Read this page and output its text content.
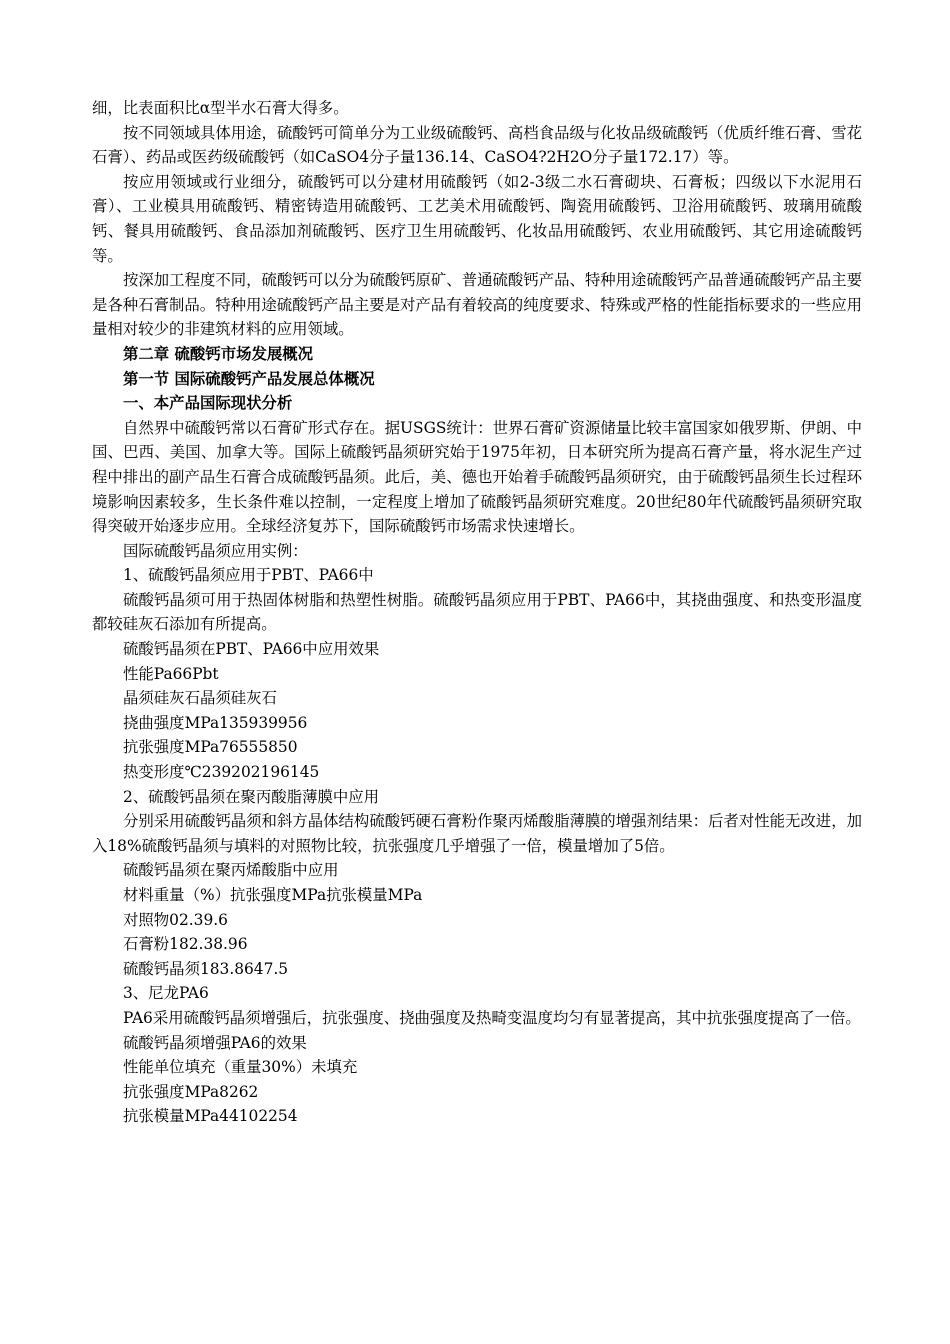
细，比表面积比α型半水石膏大得多。

按不同领域具体用途，硫酸钙可简单分为工业级硫酸钙、高档食品级与化妆品级硫酸钙（优质纤维石膏、雪花石膏）、药品或医药级硫酸钙（如CaSO4分子量136.14、CaSO4?2H2O分子量172.17）等。

按应用领域或行业细分，硫酸钙可以分建材用硫酸钙（如2-3级二水石膏砌块、石膏板；四级以下水泥用石膏）、工业模具用硫酸钙、精密铸造用硫酸钙、工艺美术用硫酸钙、陶瓷用硫酸钙、卫浴用硫酸钙、玻璃用硫酸钙、餐具用硫酸钙、食品添加剂硫酸钙、医疗卫生用硫酸钙、化妆品用硫酸钙、农业用硫酸钙、其它用途硫酸钙等。

按深加工程度不同，硫酸钙可以分为硫酸钙原矿、普通硫酸钙产品、特种用途硫酸钙产品普通硫酸钙产品主要是各种石膏制品。特种用途硫酸钙产品主要是对产品有着较高的纯度要求、特殊或严格的性能指标要求的一些应用量相对较少的非建筑材料的应用领域。

第二章 硫酸钙市场发展概况

第一节 国际硫酸钙产品发展总体概况

一、本产品国际现状分析

自然界中硫酸钙常以石膏矿形式存在。据USGS统计：世界石膏矿资源储量比较丰富国家如俄罗斯、伊朗、中国、巴西、美国、加拿大等。国际上硫酸钙晶须研究始于1975年初，日本研究所为提高石膏产量，将水泥生产过程中排出的副产品生石膏合成硫酸钙晶须。此后，美、德也开始着手硫酸钙晶须研究，由于硫酸钙晶须生长过程环境影响因素较多，生长条件难以控制，一定程度上增加了硫酸钙晶须研究难度。20世纪80年代硫酸钙晶须研究取得突破开始逐步应用。全球经济复苏下，国际硫酸钙市场需求快速增长。

国际硫酸钙晶须应用实例：

1、硫酸钙晶须应用于PBT、PA66中

硫酸钙晶须可用于热固体树脂和热塑性树脂。硫酸钙晶须应用于PBT、PA66中，其挠曲强度、和热变形温度都较硅灰石添加有所提高。

硫酸钙晶须在PBT、PA66中应用效果

性能Pa66Pbt

晶须硅灰石晶须硅灰石

挠曲强度MPa135939956

抗张强度MPa76555850

热变形度℃239202196145

2、硫酸钙晶须在聚丙酸脂薄膜中应用

分别采用硫酸钙晶须和斜方晶体结构硫酸钙硬石膏粉作聚丙烯酸脂薄膜的增强剂结果：后者对性能无改进，加入18%硫酸钙晶须与填料的对照物比较，抗张强度几乎增强了一倍，模量增加了5倍。

硫酸钙晶须在聚丙烯酸脂中应用

材料重量（%）抗张强度MPa抗张模量MPa

对照物02.39.6

石膏粉182.38.96

硫酸钙晶须183.8647.5

3、尼龙PA6

PA6采用硫酸钙晶须增强后，抗张强度、挠曲强度及热畸变温度均匀有显著提高，其中抗张强度提高了一倍。

硫酸钙晶须增强PA6的效果

性能单位填充（重量30%）未填充

抗张强度MPa8262

抗张模量MPa44102254
